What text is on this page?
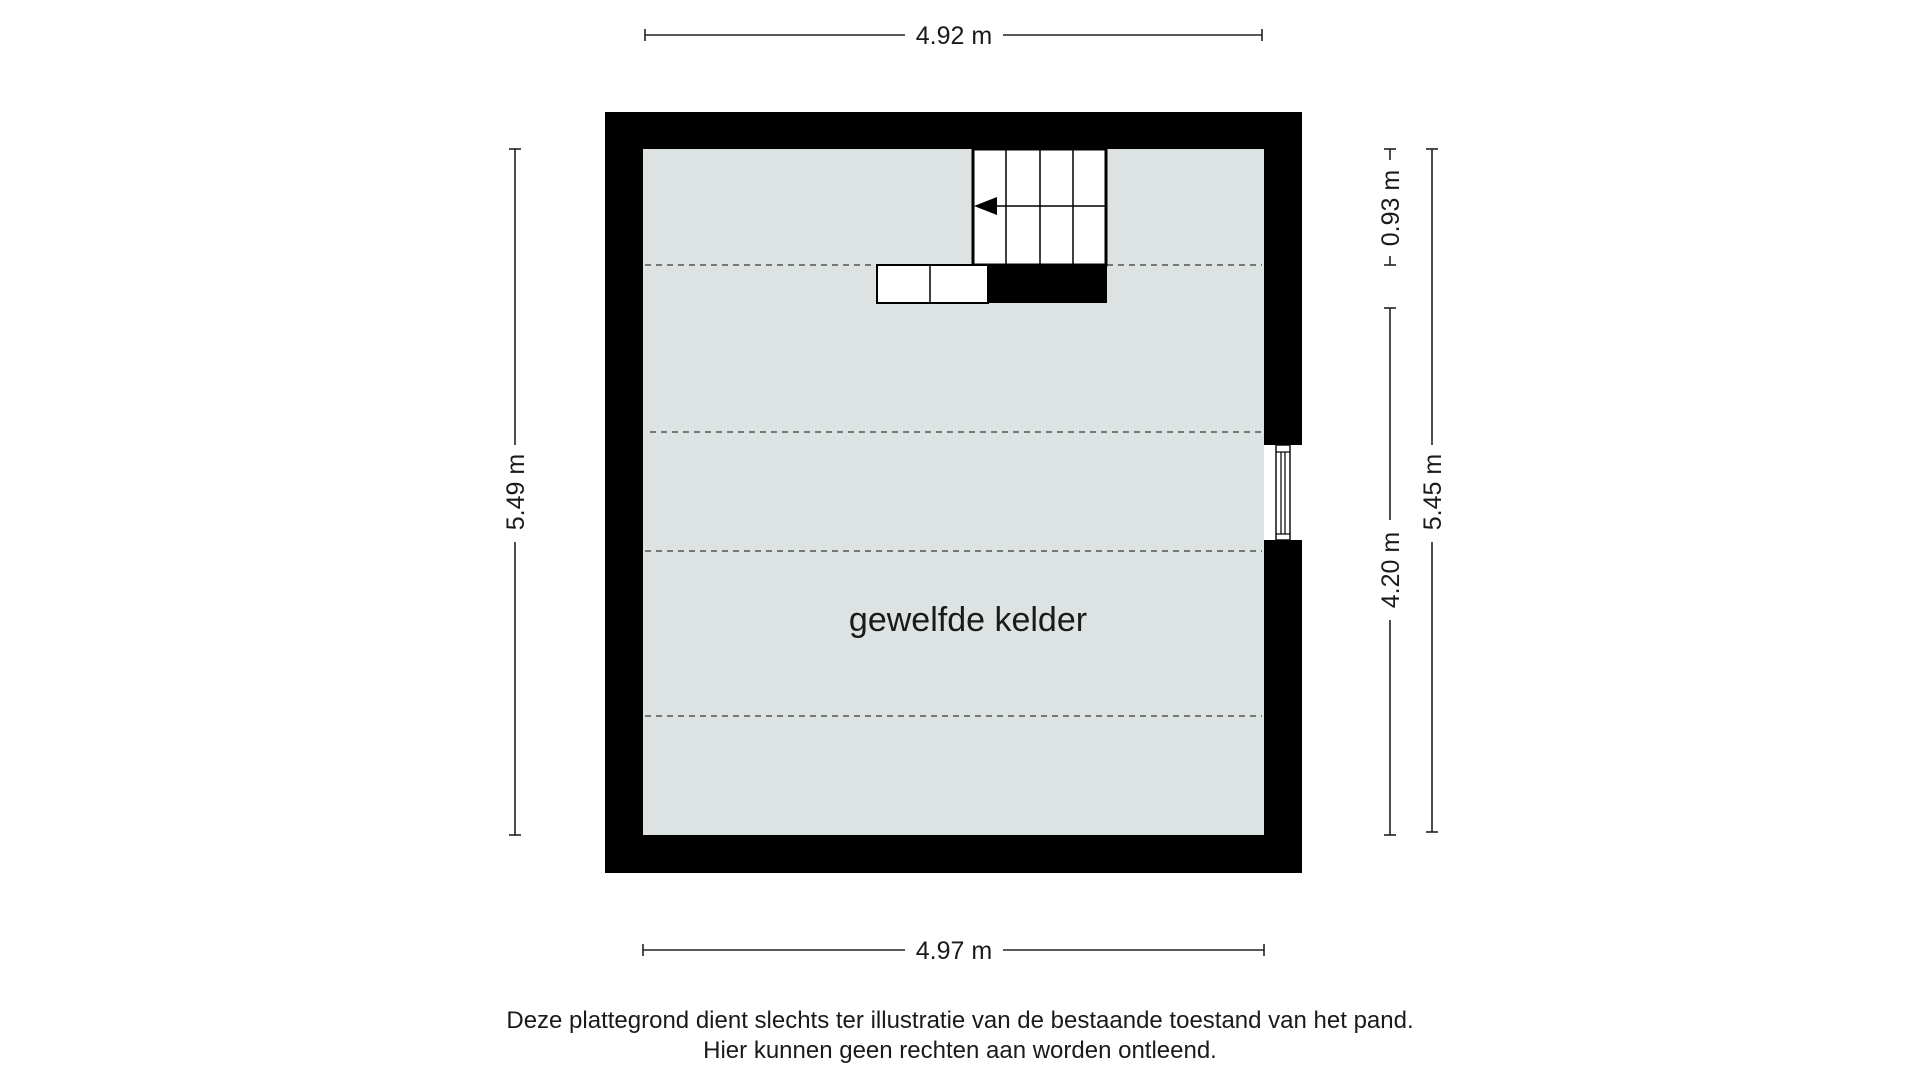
4.92 m
4.97 m
5.49 m	5.45 m
0.93 m
4.20 m
gewelfde kelder
Deze plattegrond dient slechts ter illustratie van de bestaande toestand van het pand.
Hier kunnen geen rechten aan worden ontleend.
